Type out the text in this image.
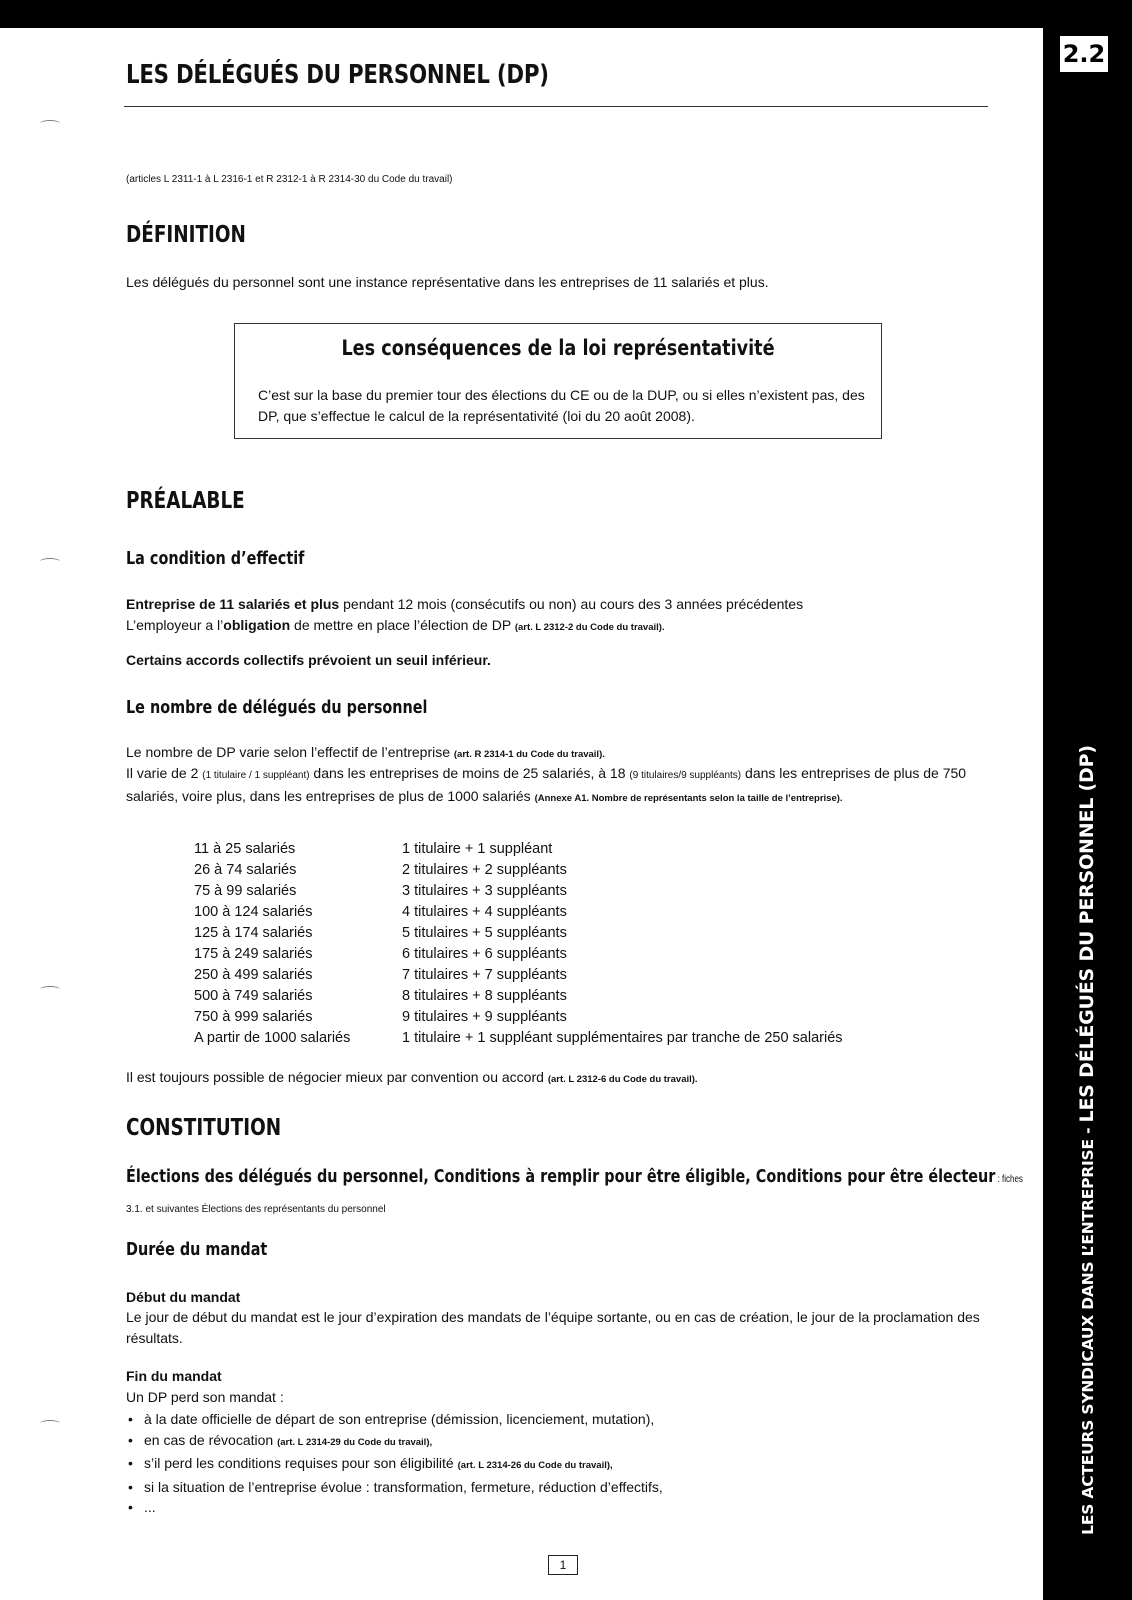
2.2
LES ACTEURS SYNDICAUX DANS L’ENTREPRISE - LES DÉLÉGUÉS DU PERSONNEL (DP)
LES DÉLÉGUÉS DU PERSONNEL (DP)
(articles L 2311-1 à L 2316-1 et R 2312-1 à R 2314-30 du Code du travail)
DÉFINITION
Les délégués du personnel sont une instance représentative dans les entreprises de 11 salariés et plus.
Les conséquences de la loi représentativité
C’est sur la base du premier tour des élections du CE ou de la DUP, ou si elles n’existent pas, des DP, que s’effectue le calcul de la représentativité (loi du 20 août 2008).
PRÉALABLE
La condition d’effectif
Entreprise de 11 salariés et plus pendant 12 mois (consécutifs ou non) au cours des 3 années précédentes
L’employeur a l’obligation de mettre en place l’élection de DP (art. L 2312-2 du Code du travail).
Certains accords collectifs prévoient un seuil inférieur.
Le nombre de délégués du personnel
Le nombre de DP varie selon l’effectif de l’entreprise (art. R 2314-1 du Code du travail).
Il varie de 2 (1 titulaire / 1 suppléant) dans les entreprises de moins de 25 salariés, à 18 (9 titulaires/9 suppléants) dans les entreprises de plus de 750 salariés, voire plus, dans les entreprises de plus de 1000 salariés (Annexe A1. Nombre de représentants selon la taille de l’entreprise).
11 à 25 salariés	1 titulaire + 1 suppléant
26 à 74 salariés	2 titulaires + 2 suppléants
75 à 99 salariés	3 titulaires + 3 suppléants
100 à 124 salariés	4 titulaires + 4 suppléants
125 à 174 salariés	5 titulaires + 5 suppléants
175 à 249 salariés	6 titulaires + 6 suppléants
250 à 499 salariés	7 titulaires + 7 suppléants
500 à 749 salariés	8 titulaires + 8 suppléants
750 à 999 salariés	9 titulaires + 9 suppléants
A partir de 1000 salariés	1 titulaire + 1 suppléant supplémentaires par tranche de 250 salariés
Il est toujours possible de négocier mieux par convention ou accord (art. L 2312-6 du Code du travail).
CONSTITUTION
Élections des délégués du personnel, Conditions à remplir pour être éligible, Conditions pour être électeur : fiches
3.1. et suivantes Élections des représentants du personnel
Durée du mandat
Début du mandat
Le jour de début du mandat est le jour d’expiration des mandats de l’équipe sortante, ou en cas de création, le jour de la proclamation des résultats.
Fin du mandat
Un DP perd son mandat :
• à la date officielle de départ de son entreprise (démission, licenciement, mutation),
• en cas de révocation (art. L 2314-29 du Code du travail),
• s’il perd les conditions requises pour son éligibilité (art. L 2314-26 du Code du travail),
• si la situation de l’entreprise évolue : transformation, fermeture, réduction d’effectifs,
• ...
1
